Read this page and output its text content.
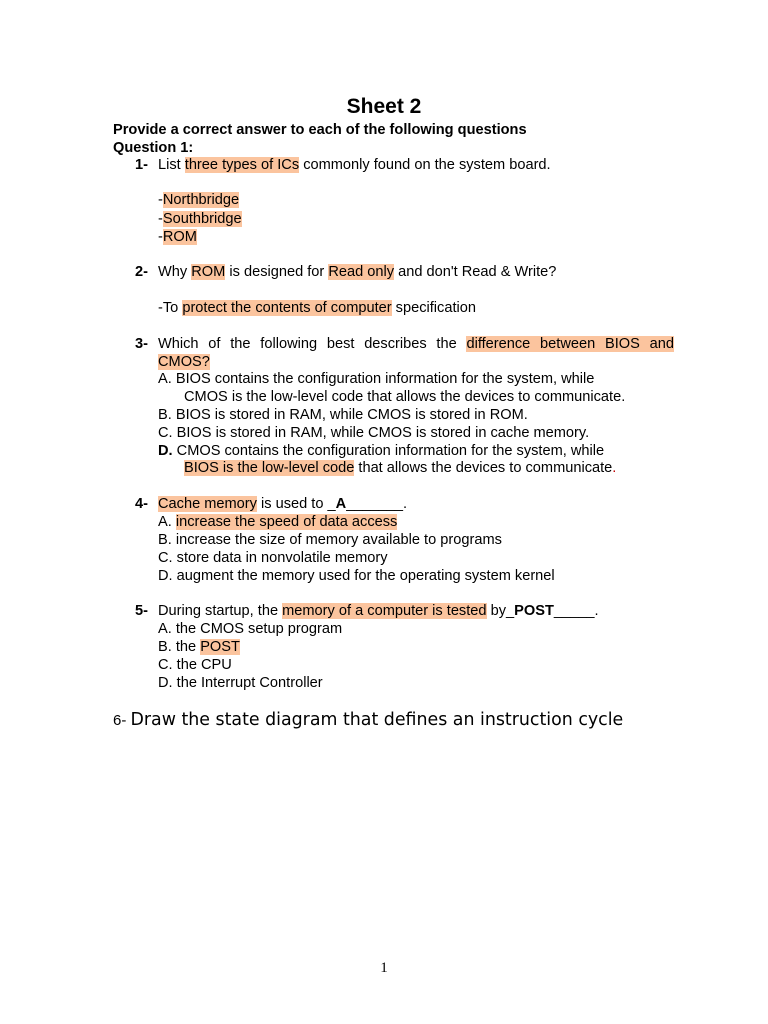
Sheet 2
Provide a correct answer to each of the following questions
Question 1:
1- List three types of ICs commonly found on the system board.
-Northbridge
-Southbridge
-ROM
2- Why ROM is designed for Read only and don't Read & Write?
-To protect the contents of computer specification
3- Which of the following best describes the difference between BIOS and
CMOS?
A. BIOS contains the configuration information for the system, while
CMOS is the low-level code that allows the devices to communicate.
B. BIOS is stored in RAM, while CMOS is stored in ROM.
C. BIOS is stored in RAM, while CMOS is stored in cache memory.
D. CMOS contains the configuration information for the system, while
BIOS is the low-level code that allows the devices to communicate.
4- Cache memory is used to _A_______.
A. increase the speed of data access
B. increase the size of memory available to programs
C. store data in nonvolatile memory
D. augment the memory used for the operating system kernel
5- During startup, the memory of a computer is tested by_POST_____.
A. the CMOS setup program
B. the POST
C. the CPU
D. the Interrupt Controller
6- Draw the state diagram that defines an instruction cycle
1
